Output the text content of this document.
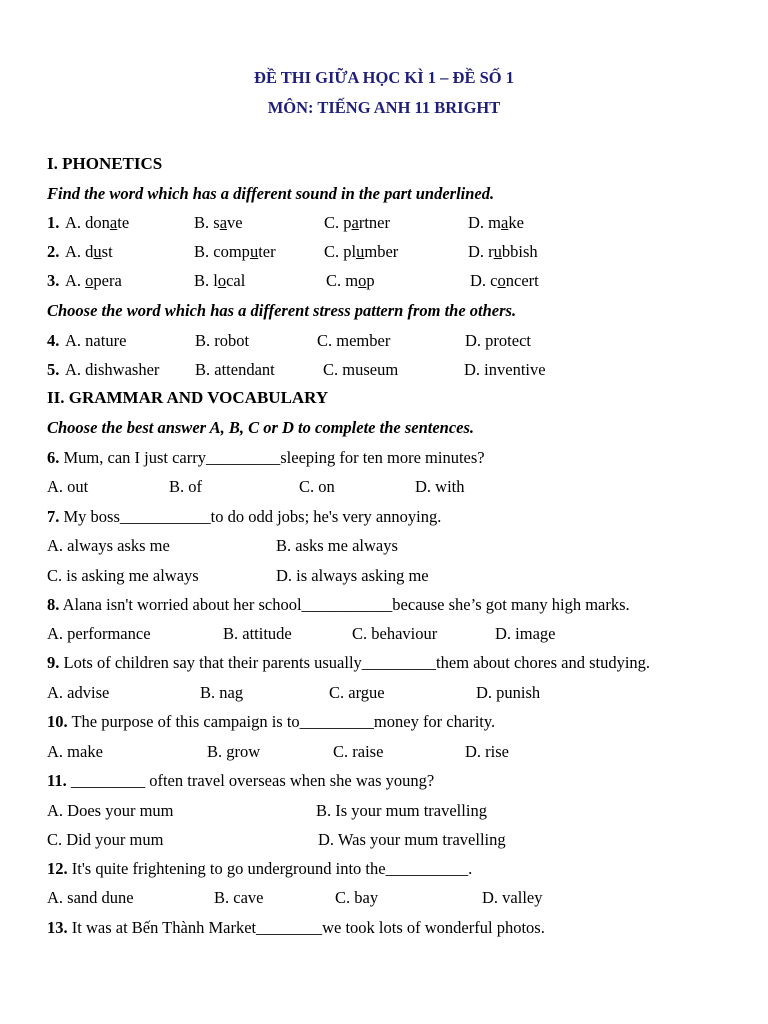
ĐỀ THI GIỮA HỌC KÌ 1 – ĐỀ SỐ 1
MÔN: TIẾNG ANH 11 BRIGHT
I. PHONETICS
Find the word which has a different sound in the part underlined.
1. A. donate	B. save	C. partner	D. make
2. A. dust	B. computer	C. plumber	D. rubbish
3. A. opera	B. local	C. mop	D. concert
Choose the word which has a different stress pattern from the others.
4. A. nature	B. robot	C. member	D. protect
5. A. dishwasher B. attendant	C. museum	D. inventive
II. GRAMMAR AND VOCABULARY
Choose the best answer A, B, C or D to complete the sentences.
6. Mum, can I just carry_________sleeping for ten more minutes?
A. out	B. of	C. on	D. with
7. My boss___________to do odd jobs; he's very annoying.
A. always asks me	B. asks me always
C. is asking me always	D. is always asking me
8. Alana isn't worried about her school___________because she’s got many high marks.
A. performance	B. attitude	C. behaviour	D. image
9. Lots of children say that their parents usually_________them about chores and studying.
A. advise	B. nag	C. argue	D. punish
10. The purpose of this campaign is to_________money for charity.
A. make	B. grow	C. raise	D. rise
11. _________ often travel overseas when she was young?
A. Does your mum	B. Is your mum travelling
C. Did your mum	D. Was your mum travelling
12. It's quite frightening to go underground into the__________.
A. sand dune	B. cave	C. bay	D. valley
13. It was at Bến Thành Market________we took lots of wonderful photos.
